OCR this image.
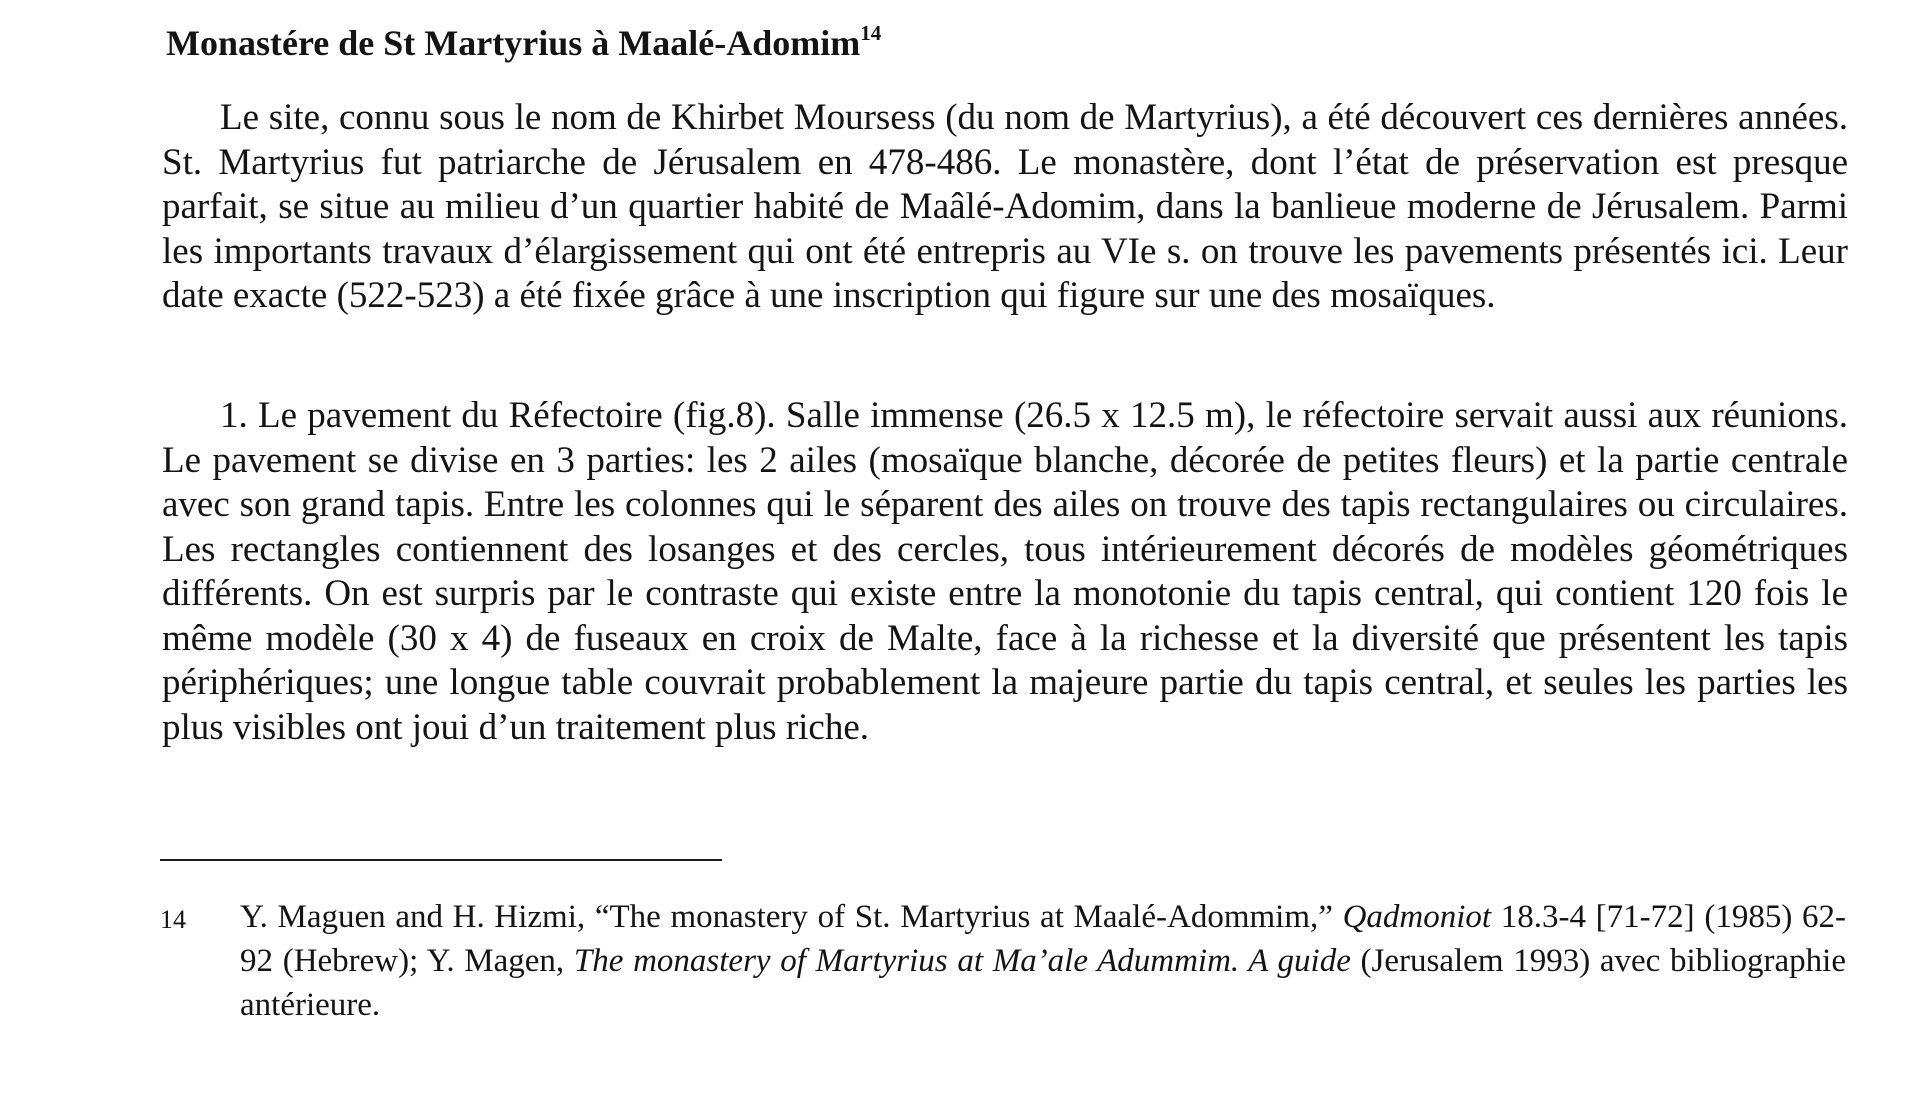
Monastére de St Martyrius à Maalé-Adomim$^{14}$

Le site, connu sous le nom de Khirbet Moursess (du nom de Martyrius), a été découvert ces dernières années. St. Martyrius fut patriarche de Jérusalem en 478-486. Le monastère, dont l’état de préservation est presque parfait, se situe au milieu d’un quartier habité de Maâlé-Adomim, dans la banlieue moderne de Jérusalem. Parmi les importants travaux d’élargissement qui ont été entrepris au VIe s. on trouve les pavements présentés ici. Leur date exacte (522-523) a été fixée grâce à une inscription qui figure sur une des mosaïques.

1. Le pavement du Réfectoire (fig.8). Salle immense (26.5 x 12.5 m), le réfectoire servait aussi aux réunions. Le pavement se divise en 3 parties: les 2 ailes (mosaïque blanche, décorée de petites fleurs) et la partie centrale avec son grand tapis. Entre les colonnes qui le séparent des ailes on trouve des tapis rectangulaires ou circulaires. Les rectangles contiennent des losanges et des cercles, tous intérieurement décorés de modèles géométriques différents. On est surpris par le contraste qui existe entre la monotonie du tapis central, qui contient 120 fois le même modèle (30 x 4) de fuseaux en croix de Malte, face à la richesse et la diversité que présentent les tapis périphériques; une longue table couvrait probablement la majeure partie du tapis central, et seules les parties les plus visibles ont joui d’un traitement plus riche.

14 Y. Maguen and H. Hizmi, “The monastery of St. Martyrius at Maalé-Adommim,” Qadmoniot 18.3-4 [71-72] (1985) 62-92 (Hebrew); Y. Magen, The monastery of Martyrius at Ma’ale Adummim. A guide (Jerusalem 1993) avec bibliographie antérieure.
